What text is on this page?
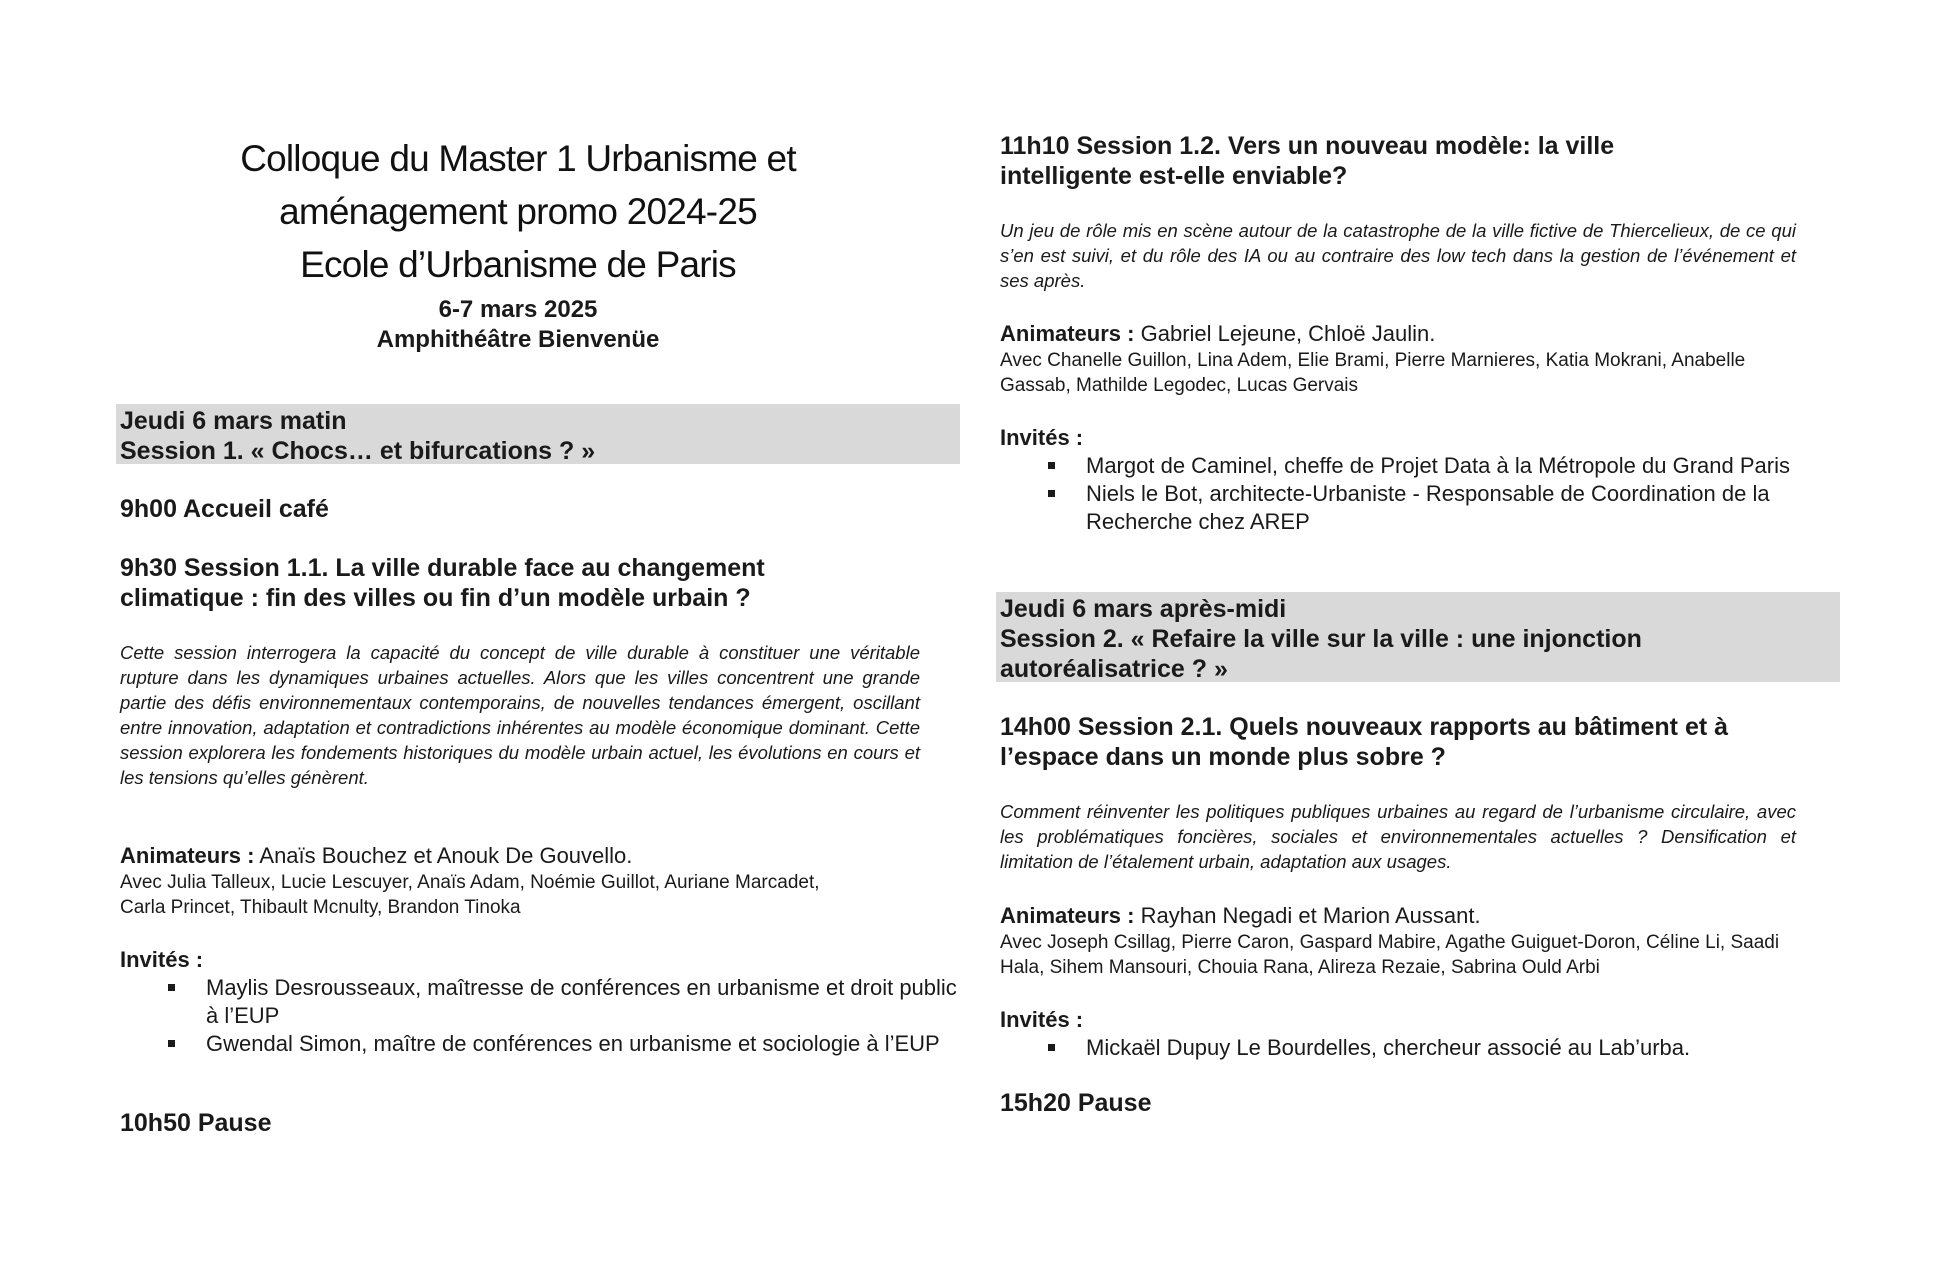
Colloque du Master 1 Urbanisme et
aménagement promo 2024-25
Ecole d’Urbanisme de Paris
6-7 mars 2025
Amphithéâtre Bienvenüe
Jeudi 6 mars matin
Session 1. « Chocs… et bifurcations ? »
9h00 Accueil café
9h30 Session 1.1. La ville durable face au changement
climatique : fin des villes ou fin d’un modèle urbain ?
Cette session interrogera la capacité du concept de ville durable à constituer une véritable rupture dans les dynamiques urbaines actuelles. Alors que les villes concentrent une grande partie des défis environnementaux contemporains, de nouvelles tendances émergent, oscillant entre innovation, adaptation et contradictions inhérentes au modèle économique dominant. Cette session explorera les fondements historiques du modèle urbain actuel, les évolutions en cours et les tensions qu’elles génèrent.
Animateurs : Anaïs Bouchez et Anouk De Gouvello.
Avec Julia Talleux, Lucie Lescuyer, Anaïs Adam, Noémie Guillot, Auriane Marcadet, Carla Princet, Thibault Mcnulty, Brandon Tinoka
Invités :
Maylis Desrousseaux, maîtresse de conférences en urbanisme et droit public à l’EUP
Gwendal Simon, maître de conférences en urbanisme et sociologie à l’EUP
10h50 Pause
11h10 Session 1.2. Vers un nouveau modèle: la ville
intelligente est-elle enviable?
Un jeu de rôle mis en scène autour de la catastrophe de la ville fictive de Thiercelieux, de ce qui s’en est suivi, et du rôle des IA ou au contraire des low tech dans la gestion de l’événement et ses après.
Animateurs : Gabriel Lejeune, Chloë Jaulin.
Avec Chanelle Guillon, Lina Adem, Elie Brami, Pierre Marnieres, Katia Mokrani, Anabelle Gassab, Mathilde Legodec, Lucas Gervais
Invités :
Margot de Caminel, cheffe de Projet Data à la Métropole du Grand Paris
Niels le Bot, architecte-Urbaniste - Responsable de Coordination de la Recherche chez AREP
Jeudi 6 mars après-midi
Session 2. « Refaire la ville sur la ville : une injonction
autoréalisatrice ? »
14h00 Session 2.1. Quels nouveaux rapports au bâtiment et à
l’espace dans un monde plus sobre ?
Comment réinventer les politiques publiques urbaines au regard de l’urbanisme circulaire, avec les problématiques foncières, sociales et environnementales actuelles ? Densification et limitation de l’étalement urbain, adaptation aux usages.
Animateurs : Rayhan Negadi et Marion Aussant.
Avec Joseph Csillag, Pierre Caron, Gaspard Mabire, Agathe Guiguet-Doron, Céline Li, Saadi Hala, Sihem Mansouri, Chouia Rana, Alireza Rezaie, Sabrina Ould Arbi
Invités :
Mickaël Dupuy Le Bourdelles, chercheur associé au Lab’urba.
15h20 Pause
